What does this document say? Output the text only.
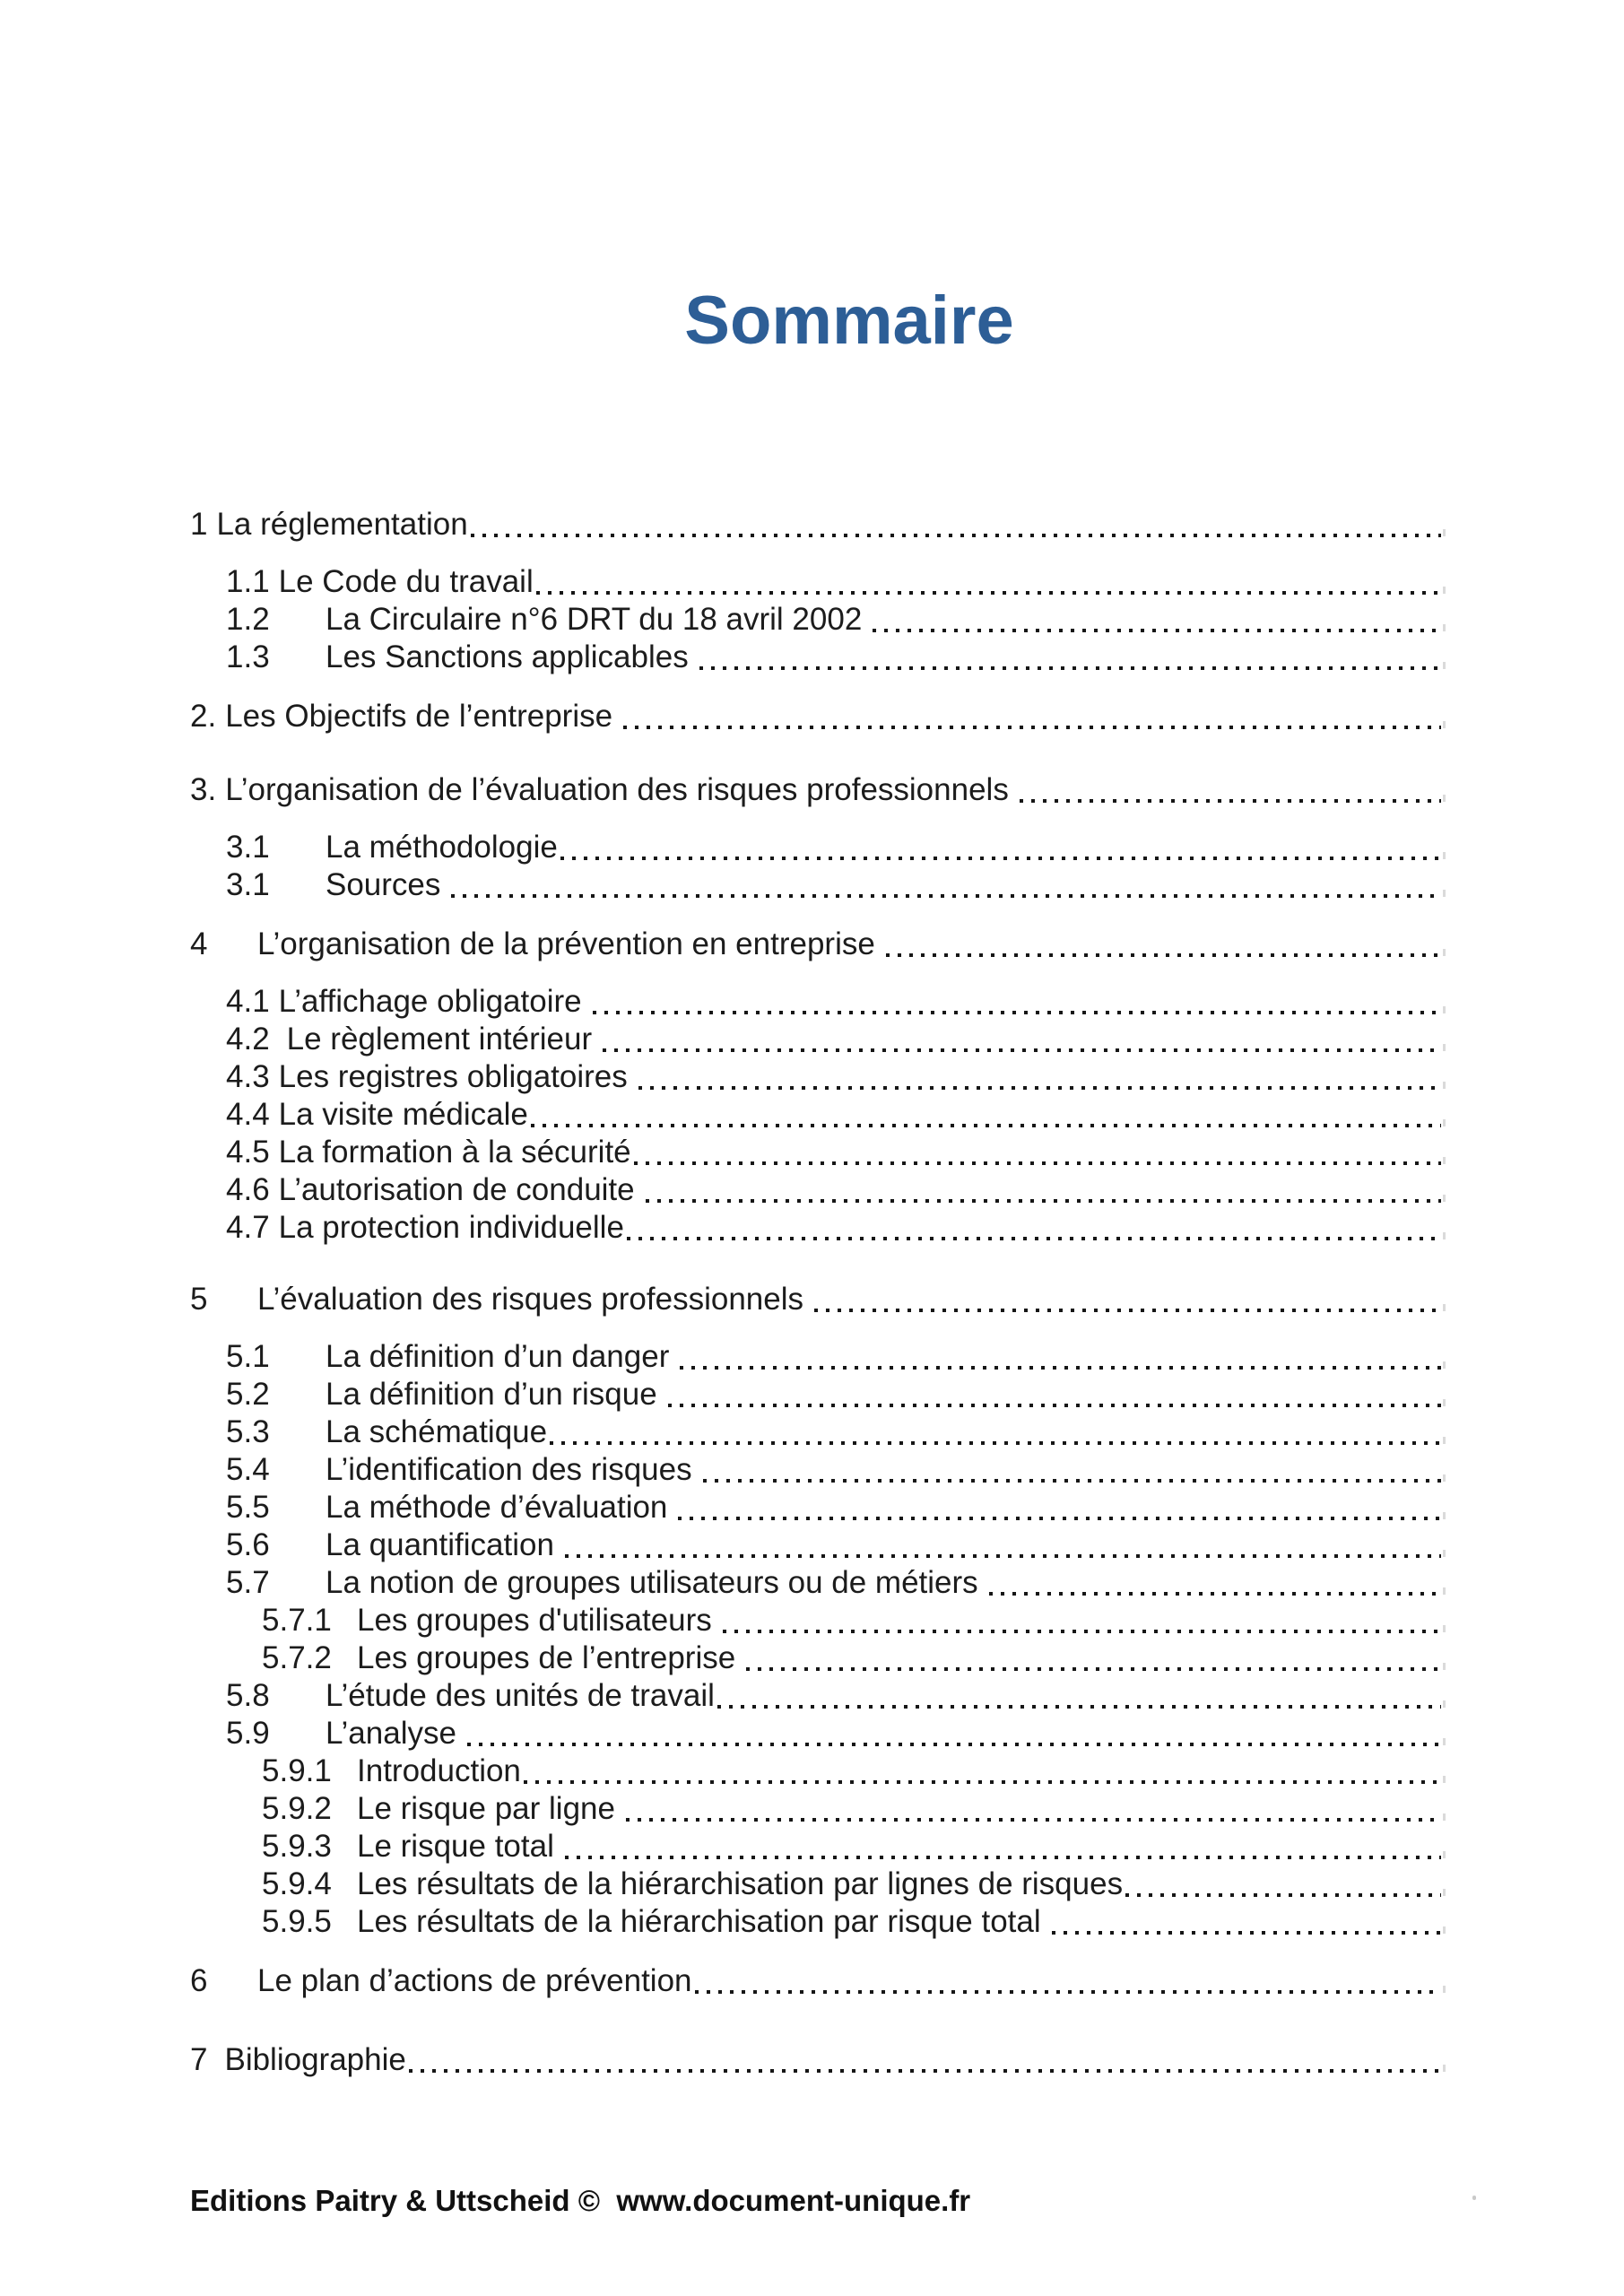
Sommaire
1 La réglementation
1.1 Le Code du travail
1.2	La Circulaire n°6 DRT du 18 avril 2002
1.3	Les Sanctions applicables
2. Les Objectifs de l’entreprise
3. L’organisation de l’évaluation des risques professionnels
3.1	La méthodologie
3.1	Sources
4	L’organisation de la prévention en entreprise
4.1 L’affichage obligatoire
4.2 Le règlement intérieur
4.3 Les registres obligatoires
4.4 La visite médicale
4.5 La formation à la sécurité
4.6 L’autorisation de conduite
4.7 La protection individuelle
5	L’évaluation des risques professionnels
5.1	La définition d’un danger
5.2	La définition d’un risque
5.3	La schématique
5.4	L’identification des risques
5.5	La méthode d’évaluation
5.6	La quantification
5.7	La notion de groupes utilisateurs ou de métiers
5.7.1 Les groupes d'utilisateurs
5.7.2 Les groupes de l’entreprise
5.8	L’étude des unités de travail
5.9	L’analyse
5.9.1 Introduction
5.9.2 Le risque par ligne
5.9.3 Le risque total
5.9.4 Les résultats de la hiérarchisation par lignes de risques
5.9.5 Les résultats de la hiérarchisation par risque total
6	Le plan d’actions de prévention
7 Bibliographie
Editions Paitry & Uttscheid ©  www.document-unique.fr
